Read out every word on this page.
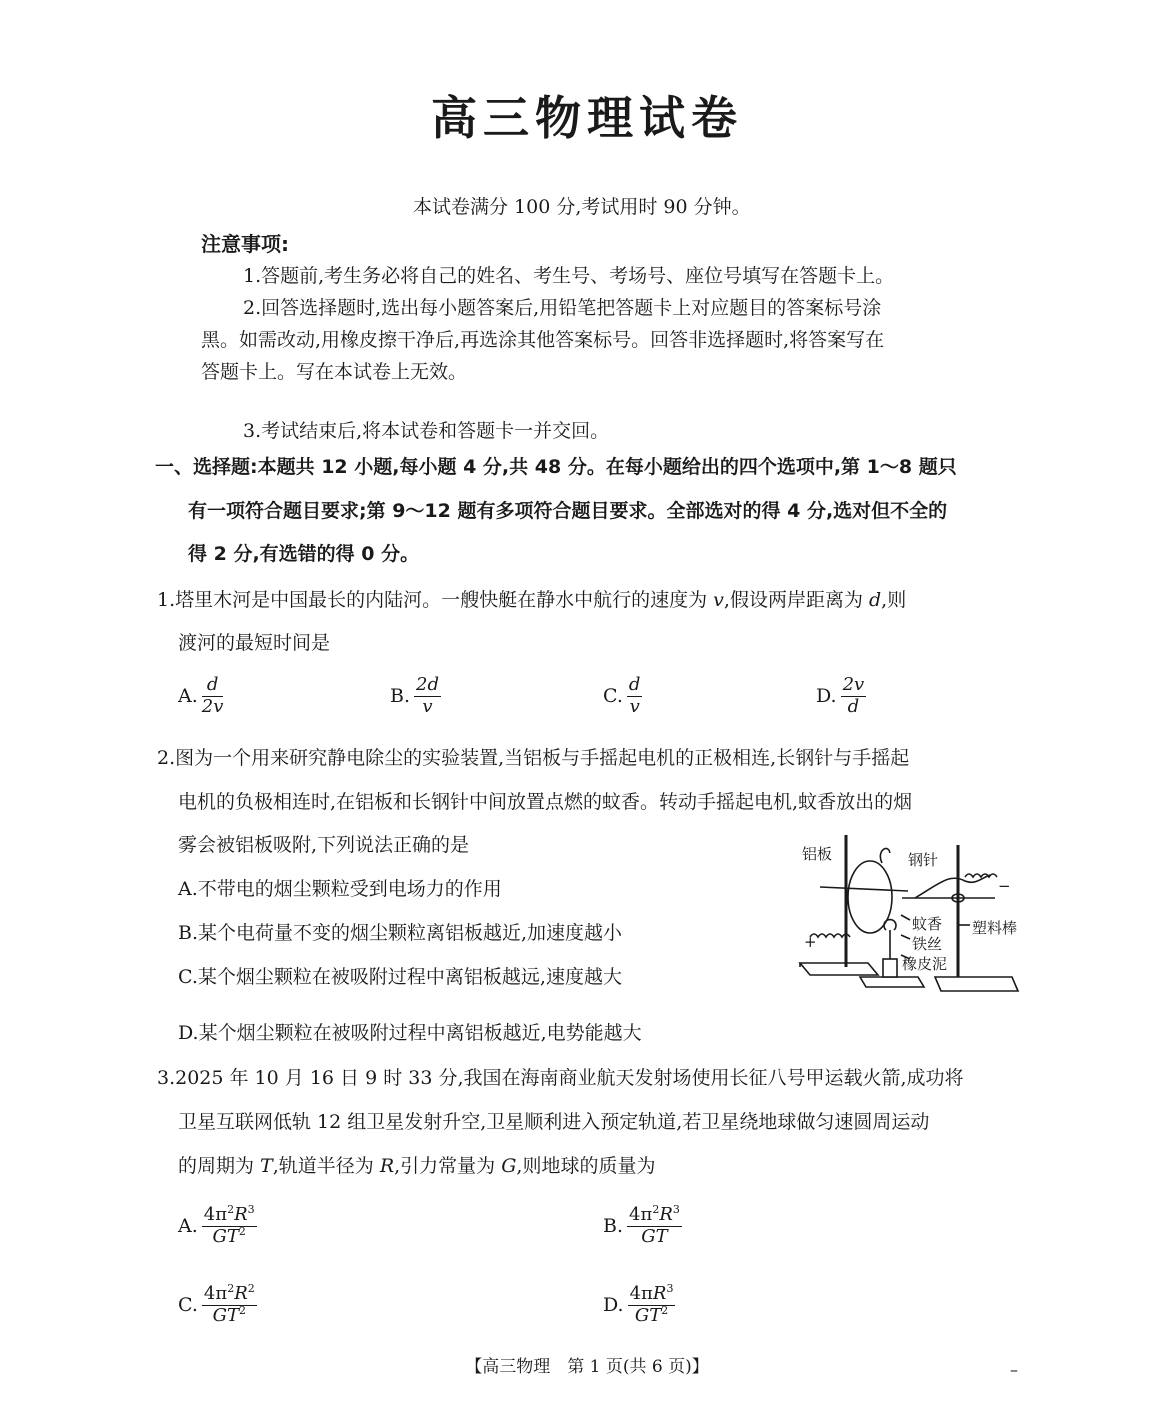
高三物理试卷
本试卷满分 100 分,考试用时 90 分钟。
注意事项:
1.答题前,考生务必将自己的姓名、考生号、考场号、座位号填写在答题卡上。
2.回答选择题时,选出每小题答案后,用铅笔把答题卡上对应题目的答案标号涂
黑。如需改动,用橡皮擦干净后,再选涂其他答案标号。回答非选择题时,将答案写在
答题卡上。写在本试卷上无效。
3.考试结束后,将本试卷和答题卡一并交回。
一、选择题:本题共 12 小题,每小题 4 分,共 48 分。在每小题给出的四个选项中,第 1～8 题只
有一项符合题目要求;第 9～12 题有多项符合题目要求。全部选对的得 4 分,选对但不全的
得 2 分,有选错的得 0 分。
1.塔里木河是中国最长的内陆河。一艘快艇在静水中航行的速度为 v,假设两岸距离为 d,则
渡河的最短时间是
A. $\frac{d}{2v}$	B. $\frac{2d}{v}$	C. $\frac{d}{v}$	D. $\frac{2v}{d}$
2.图为一个用来研究静电除尘的实验装置,当铝板与手摇起电机的正极相连,长钢针与手摇起
电机的负极相连时,在铝板和长钢针中间放置点燃的蚊香。转动手摇起电机,蚊香放出的烟
雾会被铝板吸附,下列说法正确的是
A.不带电的烟尘颗粒受到电场力的作用
B.某个电荷量不变的烟尘颗粒离铝板越近,加速度越小
C.某个烟尘颗粒在被吸附过程中离铝板越远,速度越大
D.某个烟尘颗粒在被吸附过程中离铝板越近,电势能越大
铝板	钢针
蚊香
铁丝
橡皮泥
塑料棒
+
−
3.2025 年 10 月 16 日 9 时 33 分,我国在海南商业航天发射场使用长征八号甲运载火箭,成功将
卫星互联网低轨 12 组卫星发射升空,卫星顺利进入预定轨道,若卫星绕地球做匀速圆周运动
的周期为 T,轨道半径为 R,引力常量为 G,则地球的质量为
A. $\frac{4\pi^2R^3}{GT^2}$	B. $\frac{4\pi^2R^3}{GT}$
C. $\frac{4\pi^2R^2}{GT^2}$	D. $\frac{4\pi R^3}{GT^2}$
【高三物理　第 1 页(共 6 页)】	–
